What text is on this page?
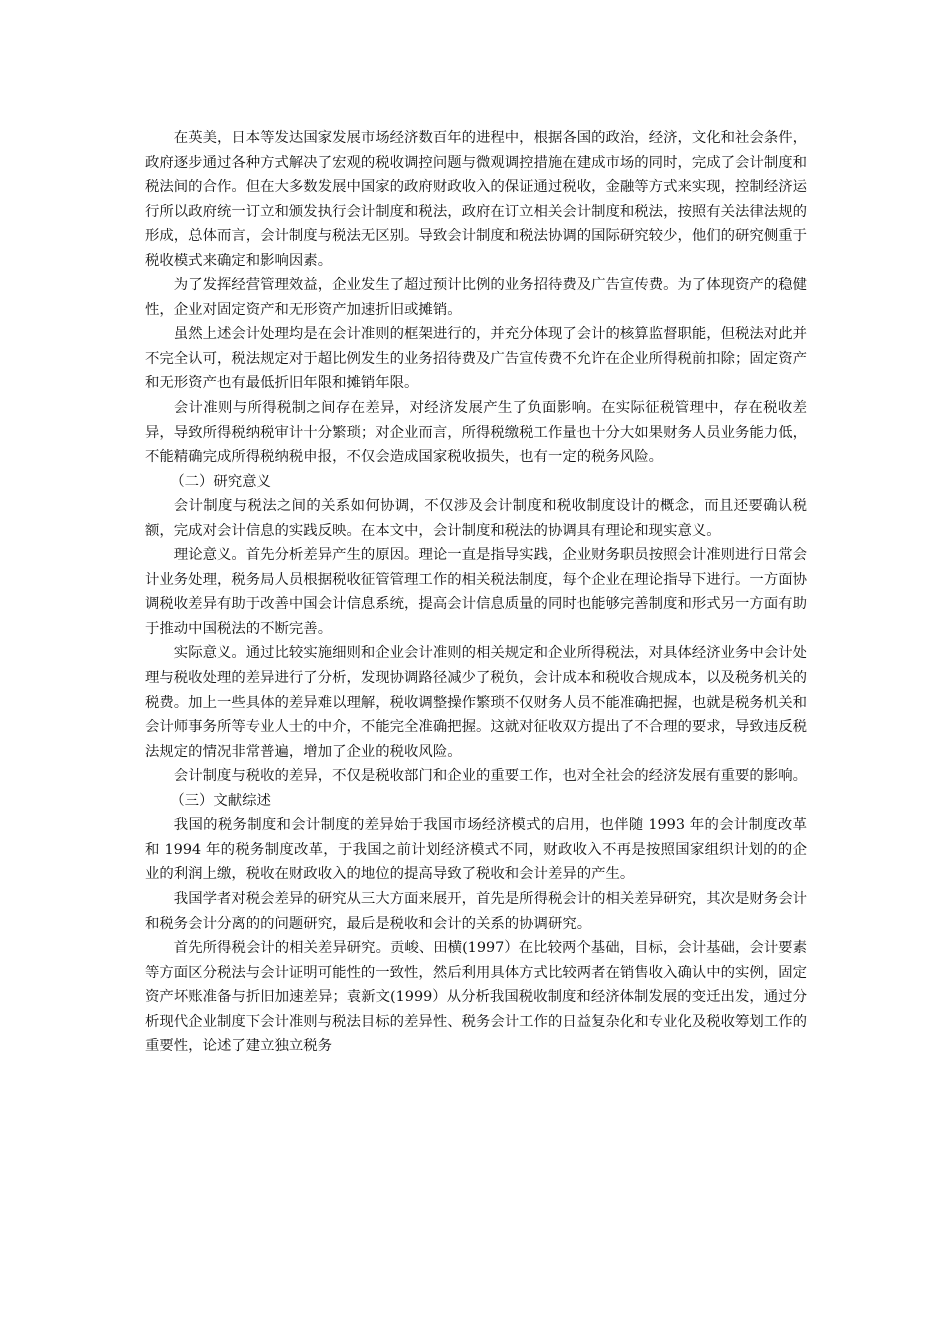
在英美，日本等发达国家发展市场经济数百年的进程中，根据各国的政治，经济，文化和社会条件，政府逐步通过各种方式解决了宏观的税收调控问题与微观调控措施在建成市场的同时，完成了会计制度和税法间的合作。但在大多数发展中国家的政府财政收入的保证通过税收，金融等方式来实现，控制经济运行所以政府统一订立和颁发执行会计制度和税法，政府在订立相关会计制度和税法，按照有关法律法规的形成，总体而言，会计制度与税法无区别。导致会计制度和税法协调的国际研究较少，他们的研究侧重于税收模式来确定和影响因素。

为了发挥经营管理效益，企业发生了超过预计比例的业务招待费及广告宣传费。为了体现资产的稳健性，企业对固定资产和无形资产加速折旧或摊销。

虽然上述会计处理均是在会计准则的框架进行的，并充分体现了会计的核算监督职能，但税法对此并不完全认可，税法规定对于超比例发生的业务招待费及广告宣传费不允许在企业所得税前扣除；固定资产和无形资产也有最低折旧年限和摊销年限。

会计准则与所得税制之间存在差异，对经济发展产生了负面影响。在实际征税管理中，存在税收差异，导致所得税纳税审计十分繁琐；对企业而言，所得税缴税工作量也十分大如果财务人员业务能力低，不能精确完成所得税纳税申报，不仅会造成国家税收损失，也有一定的税务风险。

（二）研究意义

会计制度与税法之间的关系如何协调，不仅涉及会计制度和税收制度设计的概念，而且还要确认税额，完成对会计信息的实践反映。在本文中，会计制度和税法的协调具有理论和现实意义。

理论意义。首先分析差异产生的原因。理论一直是指导实践，企业财务职员按照会计准则进行日常会计业务处理，税务局人员根据税收征管管理工作的相关税法制度，每个企业在理论指导下进行。一方面协调税收差异有助于改善中国会计信息系统，提高会计信息质量的同时也能够完善制度和形式另一方面有助于推动中国税法的不断完善。

实际意义。通过比较实施细则和企业会计准则的相关规定和企业所得税法，对具体经济业务中会计处理与税收处理的差异进行了分析，发现协调路径减少了税负，会计成本和税收合规成本，以及税务机关的税费。加上一些具体的差异难以理解，税收调整操作繁琐不仅财务人员不能准确把握，也就是税务机关和会计师事务所等专业人士的中介，不能完全准确把握。这就对征收双方提出了不合理的要求，导致违反税法规定的情况非常普遍，增加了企业的税收风险。

会计制度与税收的差异，不仅是税收部门和企业的重要工作，也对全社会的经济发展有重要的影响。

（三）文献综述

我国的税务制度和会计制度的差异始于我国市场经济模式的启用，也伴随 1993 年的会计制度改革和 1994 年的税务制度改革，于我国之前计划经济模式不同，财政收入不再是按照国家组织计划的的企业的利润上缴，税收在财政收入的地位的提高导致了税收和会计差异的产生。

我国学者对税会差异的研究从三大方面来展开，首先是所得税会计的相关差异研究，其次是财务会计和税务会计分离的的问题研究，最后是税收和会计的关系的协调研究。

首先所得税会计的相关差异研究。贡峻、田横(1997）在比较两个基础，目标，会计基础，会计要素等方面区分税法与会计证明可能性的一致性，然后利用具体方式比较两者在销售收入确认中的实例，固定资产坏账准备与折旧加速差异；袁新文(1999）从分析我国税收制度和经济体制发展的变迁出发，通过分析现代企业制度下会计准则与税法目标的差异性、税务会计工作的日益复杂化和专业化及税收筹划工作的重要性，论述了建立独立税务
